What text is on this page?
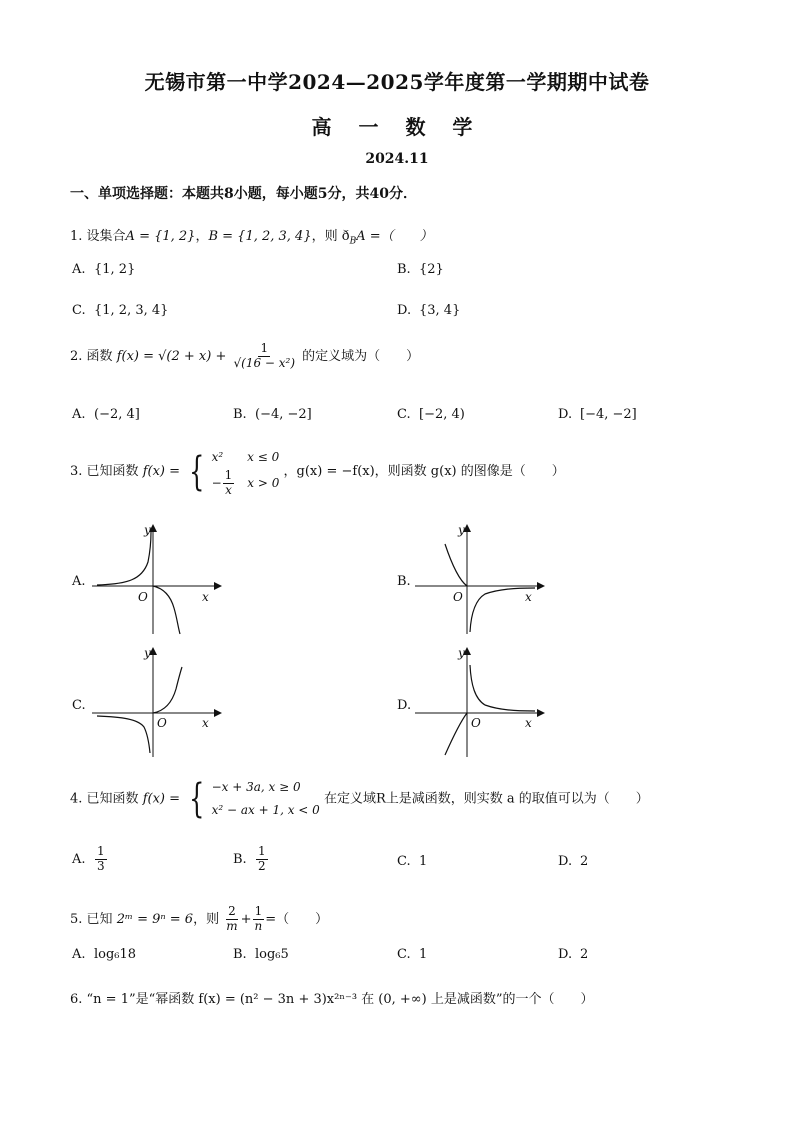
无锡市第一中学2024—2025学年度第一学期期中试卷
高 一 数 学
2024.11
一、单项选择题：本题共8小题，每小题5分，共40分．
1. 设集合A = {1, 2}，B = {1, 2, 3, 4}，则 $ð_BA$ =（　　）
A. {1, 2}	B. {2}
C. {1, 2, 3, 4}	D. {3, 4}
2. 函数 $f(x) = √(2 + x) + \frac{1}{\text{√(16 − x²)}}$ 的定义域为（　　）
A. (−2, 4]	B. (−4, −2]	C. [−2, 4)	D. [−4, −2]
3. 已知函数 f(x) = { x²　　x ≤ 0
− $\frac{1}{x}$ 　x > 0
，g(x) = −f(x)，则函数 g(x) 的图像是（　　）
A.
y
x
O
B.
y
x
O
C.
y
x
O
D.
y
x
O
4. 已知函数 f(x) = { −x + 3a, x ≥ 0
x² − ax + 1, x < 0
在定义域R上是减函数，则实数 a 的取值可以为（　　）
A. $\frac{1}{3}$	B. $\frac{1}{2}$	C. 1	D. 2
5. 已知 2ᵐ = 9ⁿ = 6，则 $\frac{2}{m} + \frac{1}{n}$ =（　　）
A. log₆18	B. log₆5	C. 1	D. 2
6. “n = 1”是“幂函数 f(x) = (n² − 3n + 3)x²ⁿ⁻³ 在 (0, +∞) 上是减函数”的一个（　　）
